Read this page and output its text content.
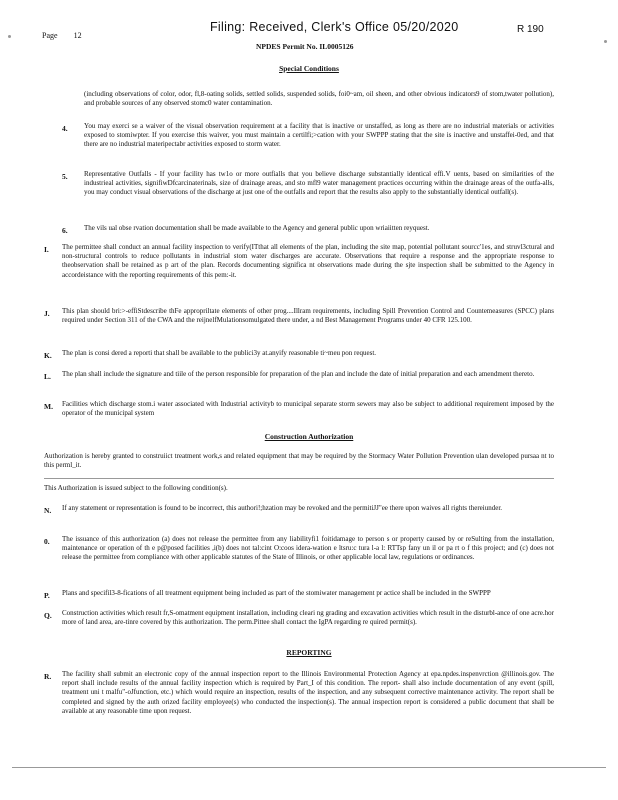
Page 12
Filing: Received, Clerk's Office 05/20/2020	R 190
NPDES Permit No. IL0005126
Special Conditions
(including observations of color, odor, fl,8-oating solids, settled solids, suspended solids, foi0~am, oil sheen, and other obvious indicators9 of stom,twater pollution), and probable sources of any observed stomc0 water contamination.
4. You may exerci se a waiver of the visual observation requirement at a facility that is inactive or unstaffed, as long as there are no industrial materials or activities exposed to stomiwpter. If you exercise this waiver, you must maintain a certilfi;>cation with your SWPPP stating that the site is inactive and unstaffei-0ed, and that there are no industrial materipectabr activities exposed to storm water.
5. Representative Outfalls - If your facility has tw1o or more outfialls that you believe discharge substantially identical effi.V uents, based on similarities of the industrieal activities, signifiwDfcarcinaterinals, size of drainage areas, and sto mfl9 water management practices occurring within the drainage areas of the outfa-alls, you may conduct visual observations of the discharge at just one of the outfalls and report that the results also apply to the substantially identical outfall(s).
6. The vils ual obse rvation documentation shall be made available to the Agency and general public upon wriaiitten reyquest.
I. The permittee shall conduct an annual facility inspection to verify(ITthat all elements of the plan, including the site map, potential pollutant sourcc'1es, and struvl3ctural and non-structural controls to reduce pollutants in industrial stom water discharges are accurate. Observations that require a response and the appropriate response to theobservation shall be retained as p art of the plan. Records documenting significa nt observations made during the sjte inspection shall be submitted to the Agency in accordeistance with the reporting requirements of this pem:-it.
J. This plan should bri:>-effiStdescribe thFe appropriltate elements of other prog....Illram requirements, including Spill Prevention Control and Countemeasures (SPCC) plans required under Section 311 of the CWA and the reijnelfMulationsomulgated there under, a nd Best Management Programs under 40 CFR 125.100.
K. The plan is consi dered a reporti that shall be available to the publici3y at.anyify reasonable ti~meu pon request.
L. The plan shall include the signature and tiile of the person responsible for preparation of the plan and include the date of initial preparation and each amendment thereto.
M. Facilities which discharge stom.i water associated with Industrial activityb to municipal separate storm sewers may also be subject to additional requirement imposed by the operator of the municipal system
Construction Authorization
Authorization is hereby granted to construiict treatment work,s and related equipment that may be required by the Stormacy Water Pollution Prevention ulan developed pursaa nt to this perml_it.
This Authorization is issued subject to the following condition(s).
N. If any statement or representation is found to be incorrect, this authori!;hzation may be revoked and the permitiJJ"ee there upon waives all rights thereiunder.
0. The issuance of this authorization (a) does not release the permittee from any liabilityfi1 foitidamage to person s or property caused by or reSulting from the installation, maintenance or operation of th e p@posed facilities ,i(b) does not tal:cint O:coos idera-wation e ltsru:c tura l-a l: RTTsp fany un il or pa rt o f this project; and (c) does not release the permittee from compliance with other applicable statutes of the State of Illinois, or other applicable local law, regulations or ordinances.
P. Plans and specifil3-8-fications of all treatment equipment being included as part of the stomiwater management pr actice shall be included in the SWPPP
Q. Construction activities which result fr,S-omatment equipment installation, including cleari ng grading and excavation activities which result in the disturbl-ance of one acre.hor more of land area, are-tinre covered by this authorization. The perm.Pittee shall contact the IgPA regarding re quired permit(s).
REPORTING
R. The facility shall submit an electronic copy of the annual inspection report to the Illinois Environmental Protection Agency at epa.npdes.inspenvrction @illinois.gov. The report shall include results of the annual facility inspection which is required by Part_I of this condition. The report- shall also include documentation of any event (spill, treatment uni t malfu"-oJfunction, etc.) which would require an inspection, results of the inspection, and any subsequent corrective maintenance activity. The report shall be completed and signed by the auth orized facility employee(s) who conducted the inspection(s). The annual inspection report is considered a public document that shall be available at any reasonable time upon request.
